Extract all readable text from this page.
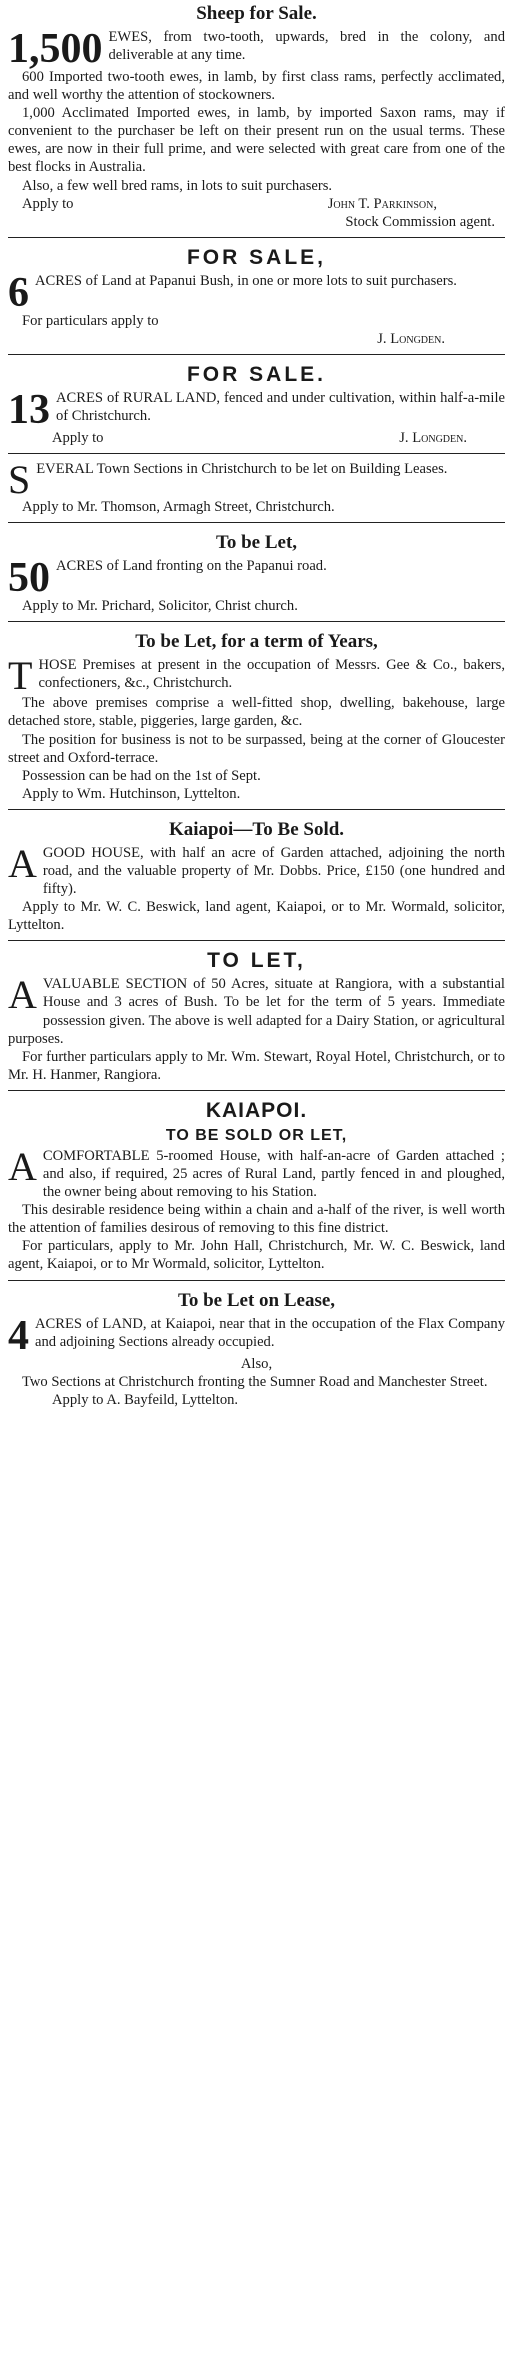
Sheep for Sale.

1,500 EWES, from two-tooth, upwards, bred in the colony, and deliverable at any time.

600 Imported two-tooth ewes, in lamb, by first class rams, perfectly acclimated, and well worthy the attention of stockowners.

1,000 Acclimated Imported ewes, in lamb, by imported Saxon rams, may if convenient to the purchaser be left on their present run on the usual terms. These ewes, are now in their full prime, and were selected with great care from one of the best flocks in Australia.

Also, a few well bred rams, in lots to suit purchasers.

Apply to	John T. Parkinson,
Stock Commission agent.
FOR SALE,

6 ACRES of Land at Papanui Bush, in one or more lots to suit purchasers.

For particulars apply to

J. Longden.
FOR SALE.

13 ACRES of RURAL LAND, fenced and under cultivation, within half-a-mile of Christchurch.

Apply to	J. Longden.

SEVERAL Town Sections in Christchurch to be let on Building Leases.

Apply to Mr. Thomson, Armagh Street, Christchurch.

To be Let,

50 ACRES of Land fronting on the Papanui road.

Apply to Mr. Prichard, Solicitor, Christ church.

To be Let, for a term of Years,

THOSE Premises at present in the occupation of Messrs. Gee & Co., bakers, confectioners, &c., Christchurch.

The above premises comprise a well-fitted shop, dwelling, bakehouse, large detached store, stable, piggeries, large garden, &c.

The position for business is not to be surpassed, being at the corner of Gloucester street and Oxford-terrace.

Possession can be had on the 1st of Sept.

Apply to Wm. Hutchinson, Lyttelton.

Kaiapoi—To Be Sold.

AGOOD HOUSE, with half an acre of Garden attached, adjoining the north road, and the valuable property of Mr. Dobbs. Price, £150 (one hundred and fifty).

Apply to Mr. W. C. Beswick, land agent, Kaiapoi, or to Mr. Wormald, solicitor, Lyttelton.

TO LET,

AVALUABLE SECTION of 50 Acres, situate at Rangiora, with a substantial House and 3 acres of Bush. To be let for the term of 5 years. Immediate possession given. The above is well adapted for a Dairy Station, or agricultural purposes.

For further particulars apply to Mr. Wm. Stewart, Royal Hotel, Christchurch, or to Mr. H. Hanmer, Rangiora.

KAIAPOI.
TO BE SOLD OR LET,

ACOMFORTABLE 5-roomed House, with half-an-acre of Garden attached ; and also, if required, 25 acres of Rural Land, partly fenced in and ploughed, the owner being about removing to his Station.

This desirable residence being within a chain and a-half of the river, is well worth the attention of families desirous of removing to this fine district.

For particulars, apply to Mr. John Hall, Christchurch, Mr. W. C. Beswick, land agent, Kaiapoi, or to Mr Wormald, solicitor, Lyttelton.

To be Let on Lease,

4 ACRES of LAND, at Kaiapoi, near that in the occupation of the Flax Company and adjoining Sections already occupied.

Also,

Two Sections at Christchurch fronting the Sumner Road and Manchester Street.

Apply to A. Bayfeild, Lyttelton.
